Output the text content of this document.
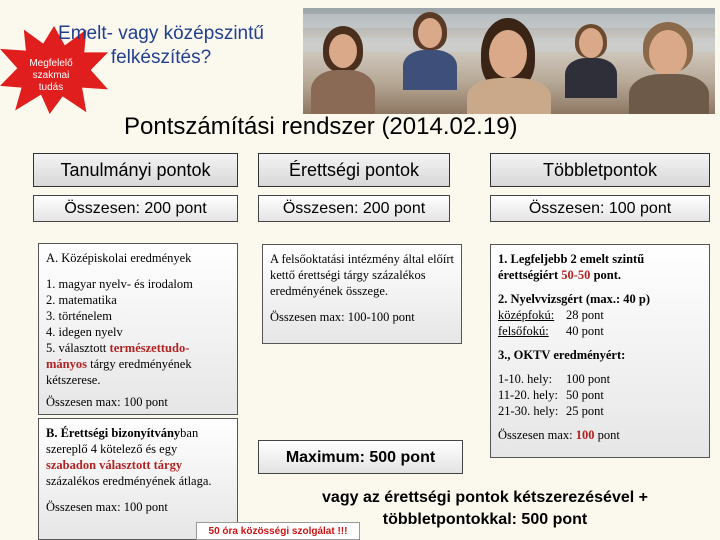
Megfelelő szakmai tudás
Emelt- vagy középszintű felkészítés?
Pontszámítási rendszer (2014.02.19)
Tanulmányi pontok	Érettségi pontok	Többletpontok
Összesen: 200 pont	Összesen: 200 pont	Összesen: 100 pont

A. Középiskolai eredmények

1. magyar nyelv- és irodalom

2. matematika

3. történelem

4. idegen nyelv

5. választott természettudo-mányos tárgy eredményének kétszerese.

Összesen max: 100 pont

B. Érettségi bizonyítványban szereplő 4 kötelező és egy szabadon választott tárgy százalékos eredményének átlaga.

Összesen max: 100 pont

A felsőoktatási intézmény által előírt kettő érettségi tárgy százalékos eredményének összege.

Összesen max: 100-100 pont

1. Legfeljebb 2 emelt szintű érettségiért 50-50 pont.

2. Nyelvvizsgért (max.: 40 p)

középfokú: 28 pont

felsőfokú: 40 pont

3., OKTV eredményért:

1-10. hely: 100 pont

11-20. hely: 50 pont

21-30. hely: 25 pont

Összesen max: 100 pont

Maximum: 500 pont
vagy az érettségi pontok kétszerezésével + többletpontokkal: 500 pont
50 óra közösségi szolgálat !!!
